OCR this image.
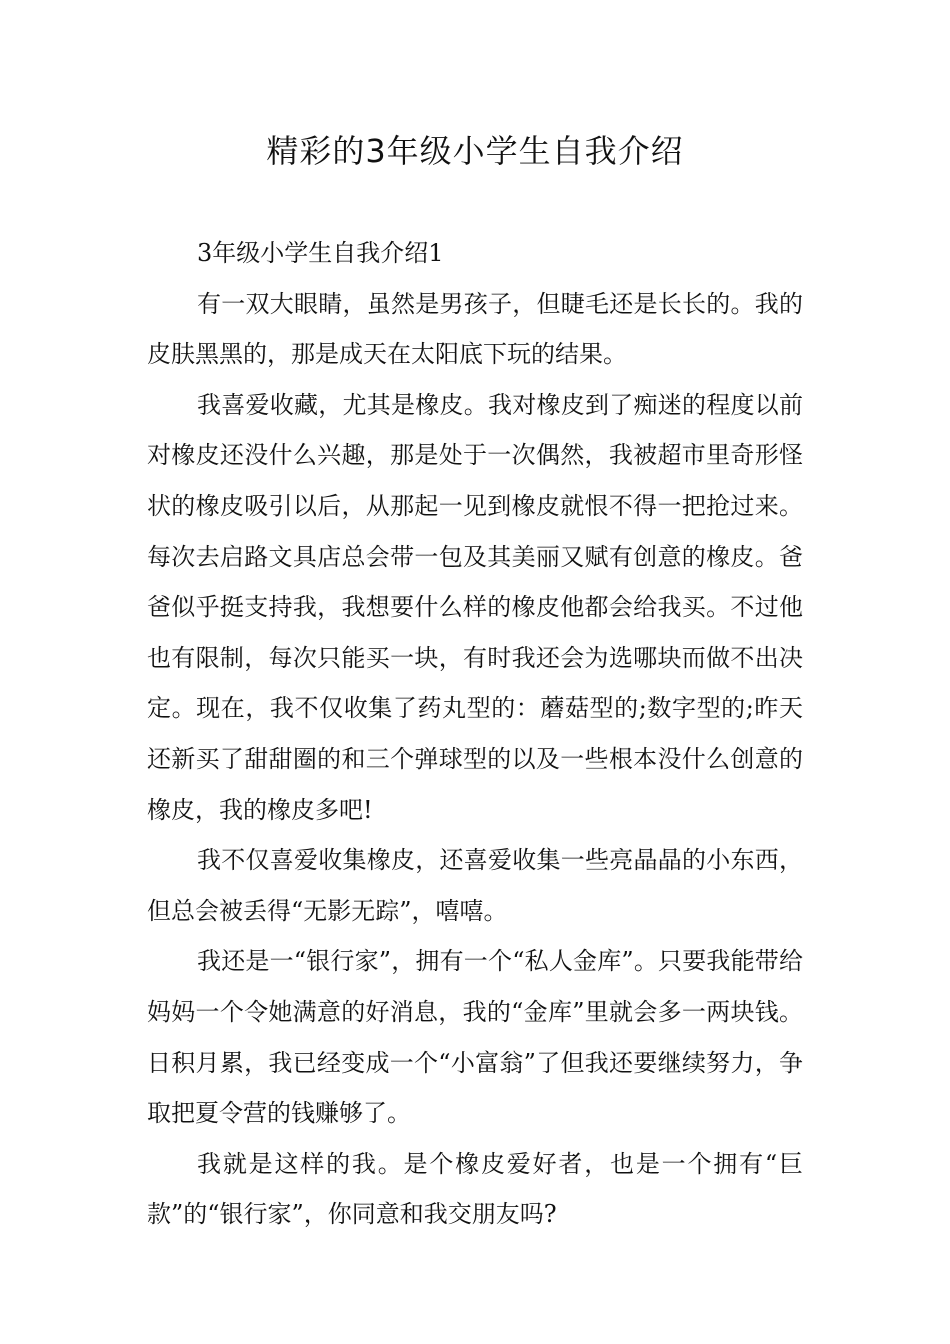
精彩的3年级小学生自我介绍

3年级小学生自我介绍1

有一双大眼睛，虽然是男孩子，但睫毛还是长长的。我的皮肤黑黑的，那是成天在太阳底下玩的结果。

我喜爱收藏，尤其是橡皮。我对橡皮到了痴迷的程度以前对橡皮还没什么兴趣，那是处于一次偶然，我被超市里奇形怪状的橡皮吸引以后，从那起一见到橡皮就恨不得一把抢过来。每次去启路文具店总会带一包及其美丽又赋有创意的橡皮。爸爸似乎挺支持我，我想要什么样的橡皮他都会给我买。不过他也有限制，每次只能买一块，有时我还会为选哪块而做不出决定。现在，我不仅收集了药丸型的：蘑菇型的;数字型的;昨天还新买了甜甜圈的和三个弹球型的以及一些根本没什么创意的橡皮，我的橡皮多吧!

我不仅喜爱收集橡皮，还喜爱收集一些亮晶晶的小东西，但总会被丢得“无影无踪”，嘻嘻。

我还是一“银行家”，拥有一个“私人金库”。只要我能带给妈妈一个令她满意的好消息，我的“金库”里就会多一两块钱。日积月累，我已经变成一个“小富翁”了但我还要继续努力，争取把夏令营的钱赚够了。

我就是这样的我。是个橡皮爱好者，也是一个拥有“巨款”的“银行家”，你同意和我交朋友吗?
